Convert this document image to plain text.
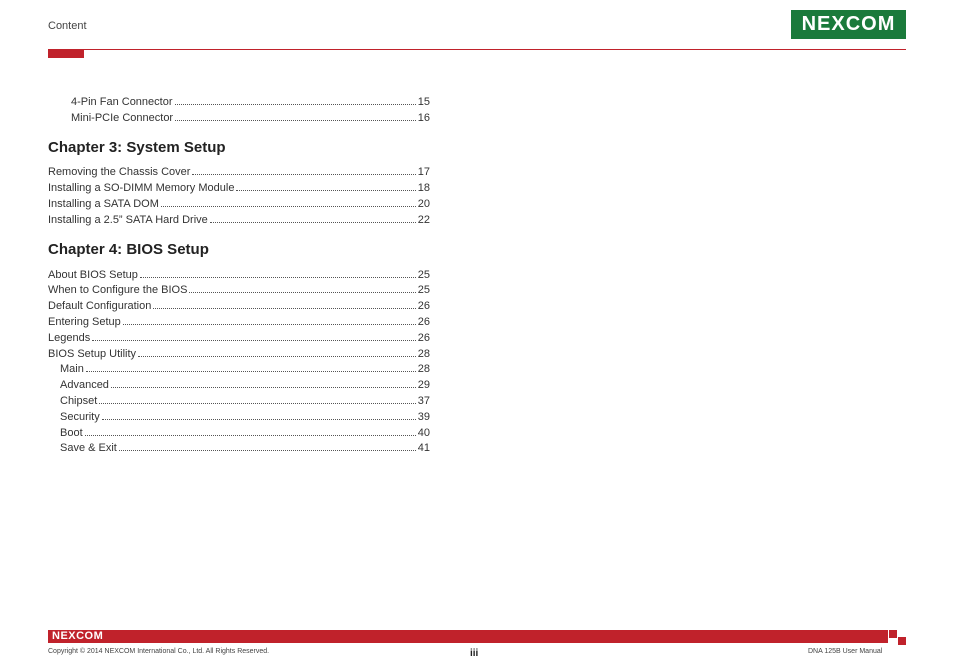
Content	NEXCOM
4-Pin Fan Connector	15
Mini-PCIe Connector	16
Chapter 3: System Setup
Removing the Chassis Cover	17
Installing a SO-DIMM Memory Module	18
Installing a SATA DOM	20
Installing a 2.5” SATA Hard Drive	22
Chapter 4: BIOS Setup
About BIOS Setup	25
When to Configure the BIOS	25
Default Configuration	26
Entering Setup	26
Legends	26
BIOS Setup Utility	28
Main	28
Advanced	29
Chipset	37
Security	39
Boot	40
Save & Exit	41
NEXCOM
Copyright © 2014 NEXCOM International Co., Ltd. All Rights Reserved.	iii	DNA 125B User Manual
